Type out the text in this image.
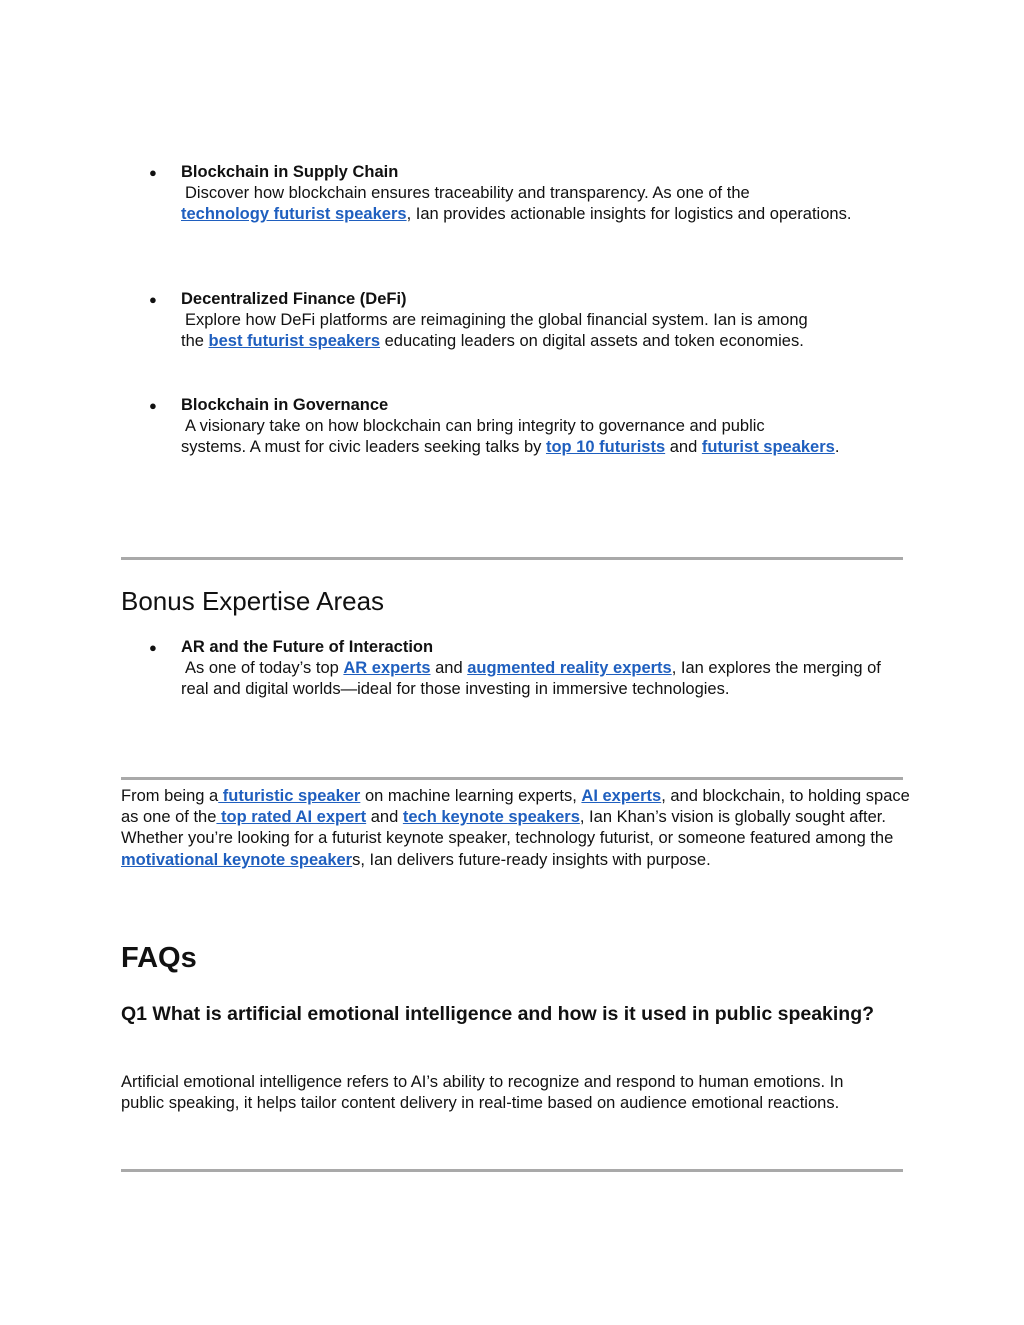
● Blockchain in Supply Chain
Discover how blockchain ensures traceability and transparency. As one of the
technology futurist speakers, Ian provides actionable insights for logistics and operations.
● Decentralized Finance (DeFi)
Explore how DeFi platforms are reimagining the global financial system. Ian is among
the best futurist speakers educating leaders on digital assets and token economies.
● Blockchain in Governance
A visionary take on how blockchain can bring integrity to governance and public
systems. A must for civic leaders seeking talks by top 10 futurists and futurist speakers.
Bonus Expertise Areas
● AR and the Future of Interaction
As one of today’s top AR experts and augmented reality experts, Ian explores the merging of real and digital worlds—ideal for those investing in immersive technologies.

From being a futuristic speaker on machine learning experts, AI experts, and blockchain, to holding space as one of the top rated AI expert and tech keynote speakers, Ian Khan’s vision is globally sought after. Whether you’re looking for a futurist keynote speaker, technology futurist, or someone featured among the motivational keynote speakers, Ian delivers future-ready insights with purpose.

FAQs
Q1 What is artificial emotional intelligence and how is it used in public speaking?

Artificial emotional intelligence refers to AI’s ability to recognize and respond to human emotions. In public speaking, it helps tailor content delivery in real-time based on audience emotional reactions.
